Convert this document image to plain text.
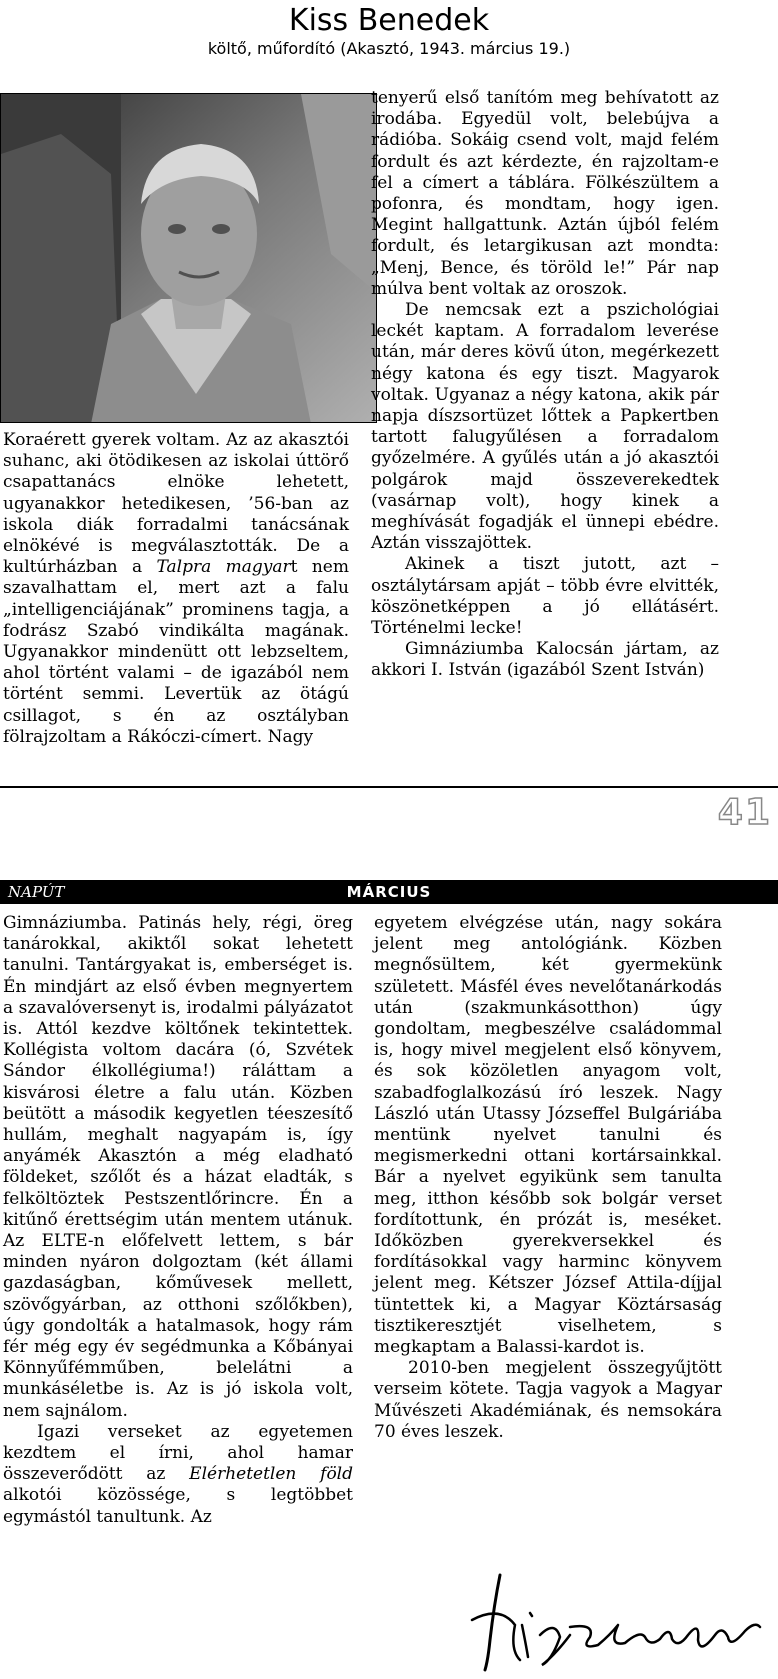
Kiss Benedek
költő, műfordító (Akasztó, 1943. március 19.)

Koraérett gyerek voltam. Az az akasztói suhanc, aki ötödikesen az iskolai úttörő csapattanács elnöke lehetett, ugyanakkor hetedikesen, ’56-ban az iskola diák forradalmi tanácsának elnökévé is megválasztották. De a kultúrházban a Talpra magyart nem szavalhattam el, mert azt a falu „intelligenciájának” prominens tagja, a fodrász Szabó vindikálta magának. Ugyanakkor mindenütt ott lebzseltem, ahol történt valami – de igazából nem történt semmi. Levertük az ötágú csillagot, s én az osztályban fölrajzoltam a Rákóczi-címert. Nagy

tenyerű első tanítóm meg behívatott az irodába. Egyedül volt, belebújva a rádióba. Sokáig csend volt, majd felém fordult és azt kérdezte, én rajzoltam-e fel a címert a táblára. Fölkészültem a pofonra, és mondtam, hogy igen. Megint hallgattunk. Aztán újból felém fordult, és letargikusan azt mondta: „Menj, Bence, és töröld le!” Pár nap múlva bent voltak az oroszok.

De nemcsak ezt a pszichológiai leckét kaptam. A forradalom leverése után, már deres kövű úton, megérkezett négy katona és egy tiszt. Magyarok voltak. Ugyanaz a négy katona, akik pár napja díszsortüzet lőttek a Papkertben tartott falugyűlésen a forradalom győzelmére. A gyűlés után a jó akasztói polgárok majd összeverekedtek (vasárnap volt), hogy kinek a meghívását fogadják el ünnepi ebédre. Aztán visszajöttek.

Akinek a tiszt jutott, azt – osztálytársam apját – több évre elvitték, köszönetképpen a jó ellátásért. Történelmi lecke!

Gimnáziumba Kalocsán jártam, az akkori I. István (igazából Szent István)

41
NAPÚT	MÁRCIUS

Gimnáziumba. Patinás hely, régi, öreg tanárokkal, akiktől sokat lehetett tanulni. Tantárgyakat is, emberséget is. Én mindjárt az első évben megnyertem a szavalóversenyt is, irodalmi pályázatot is. Attól kezdve költőnek tekintettek. Kollégista voltom dacára (ó, Szvétek Sándor élkollégiuma!) ráláttam a kisvárosi életre a falu után. Közben beütött a második kegyetlen téeszesítő hullám, meghalt nagyapám is, így anyámék Akasztón a még eladható földeket, szőlőt és a házat eladták, s felköltöztek Pestszentlőrincre. Én a kitűnő érettségim után mentem utánuk. Az ELTE-n előfelvett lettem, s bár minden nyáron dolgoztam (két állami gazdaságban, kőművesek mellett, szövőgyárban, az otthoni szőlőkben), úgy gondolták a hatalmasok, hogy rám fér még egy év segédmunka a Kőbányai Könnyűfémműben, belelátni a munkáséletbe is. Az is jó iskola volt, nem sajnálom.

Igazi verseket az egyetemen kezdtem el írni, ahol hamar összeverődött az Elérhetetlen föld alkotói közössége, s legtöbbet egymástól tanultunk. Az

egyetem elvégzése után, nagy sokára jelent meg antológiánk. Közben megnősültem, két gyermekünk született. Másfél éves nevelőtanárkodás után (szakmunkásotthon) úgy gondoltam, megbeszélve családommal is, hogy mivel megjelent első könyvem, és sok közöletlen anyagom volt, szabadfoglalkozású író leszek. Nagy László után Utassy Józseffel Bulgáriába mentünk nyelvet tanulni és megismerkedni ottani kortársainkkal. Bár a nyelvet egyikünk sem tanulta meg, itthon később sok bolgár verset fordítottunk, én prózát is, meséket. Időközben gyerekversekkel és fordításokkal vagy harminc könyvem jelent meg. Kétszer József Attila-díjjal tüntettek ki, a Magyar Köztársaság tisztikeresztjét viselhetem, s megkaptam a Balassi-kardot is.

2010-ben megjelent összegyűjtött verseim kötete. Tagja vagyok a Magyar Művészeti Akadémiának, és nemsokára 70 éves leszek.
